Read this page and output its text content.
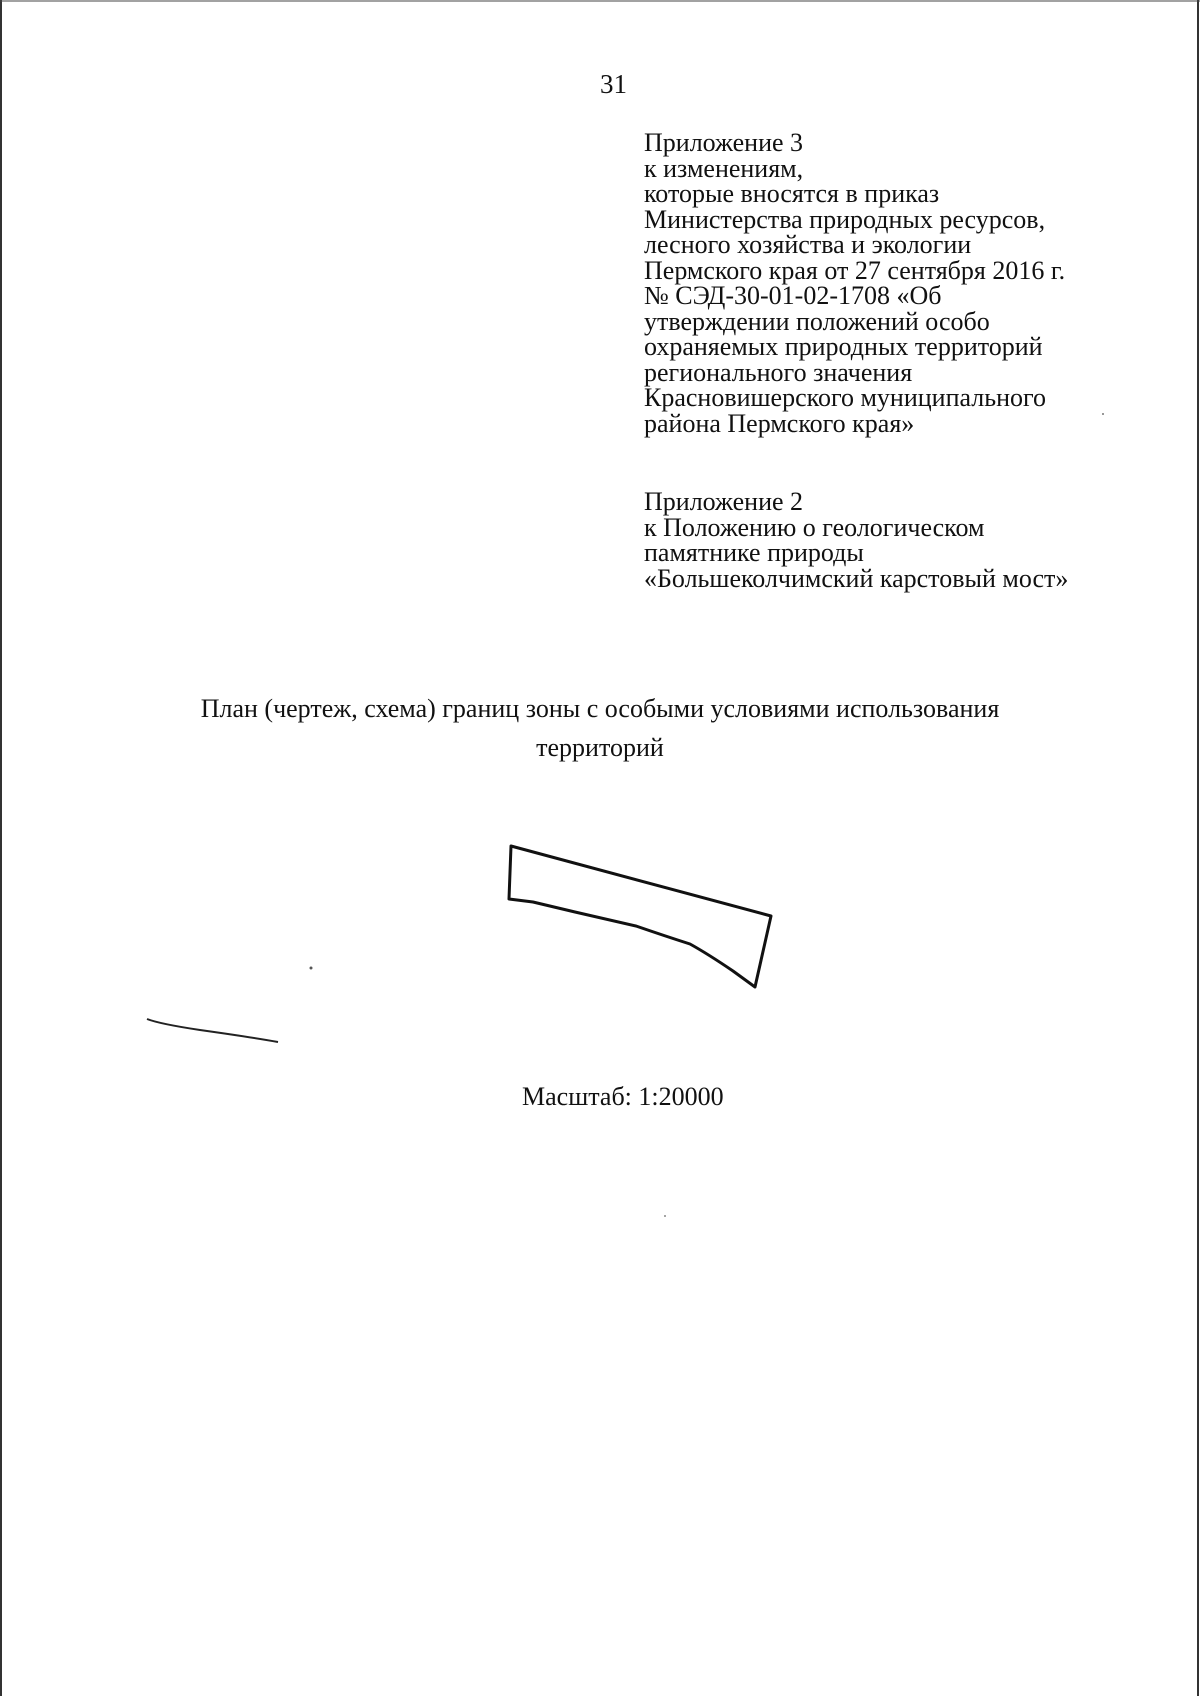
31
Приложение 3
к изменениям,
которые вносятся в приказ
Министерства природных ресурсов,
лесного хозяйства и экологии
Пермского края от 27 сентября 2016 г.
№ СЭД-30-01-02-1708 «Об
утверждении положений особо
охраняемых природных территорий
регионального значения
Красновишерского муниципального
района Пермского края»
Приложение 2
к Положению о геологическом
памятнике природы
«Большеколчимский карстовый мост»
План (чертеж, схема) границ зоны с особыми условиями использования
территорий
Масштаб: 1:20000
